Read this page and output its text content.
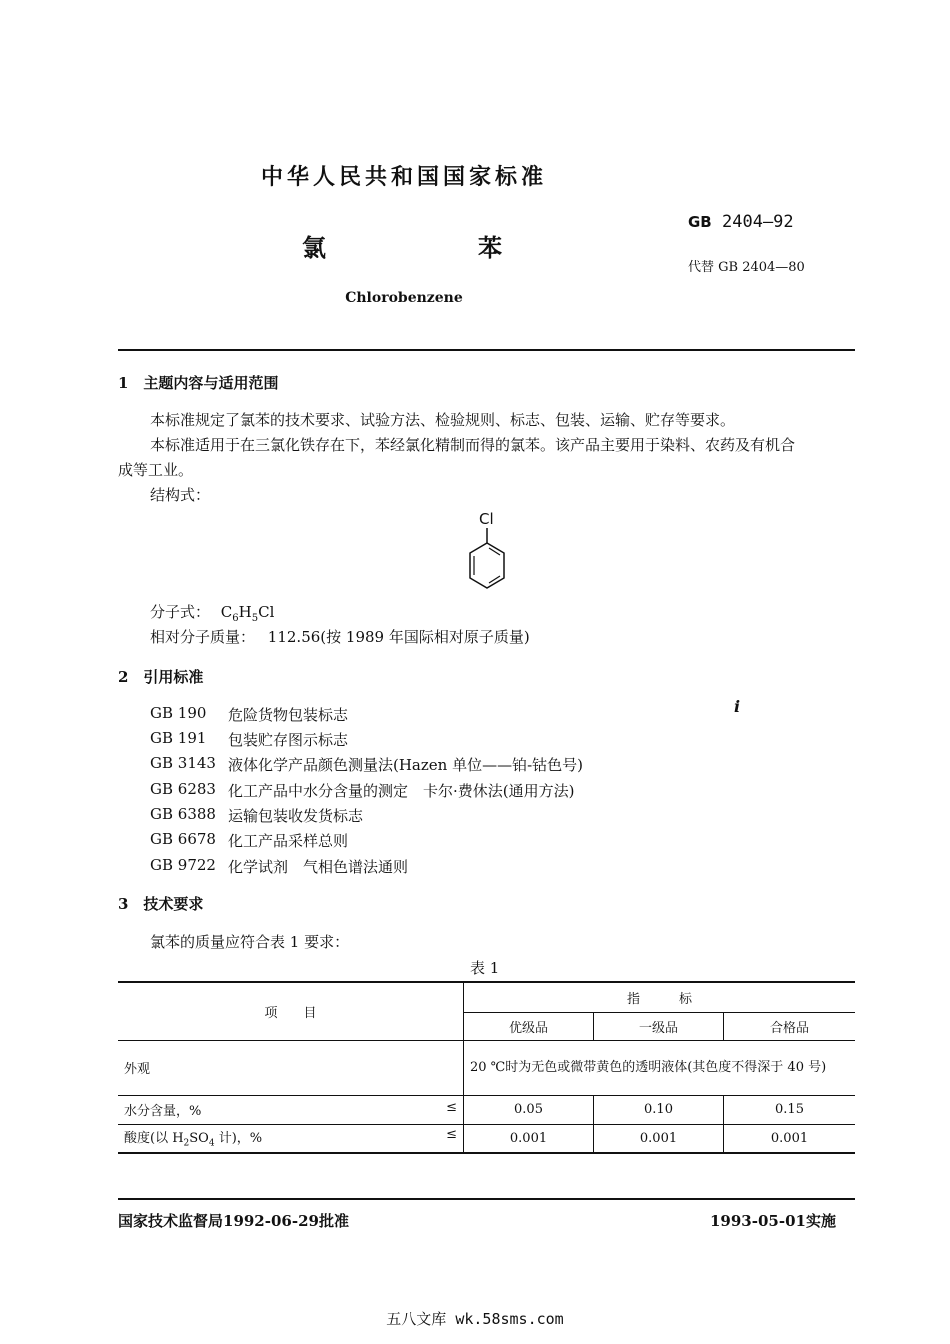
中华人民共和国国家标准
氯	苯
Chlorobenzene
GB 2404—92
代替 GB 2404—80
1　主题内容与适用范围
本标准规定了氯苯的技术要求、试验方法、检验规则、标志、包装、运输、贮存等要求。
本标准适用于在三氯化铁存在下，苯经氯化精制而得的氯苯。该产品主要用于染料、农药及有机合
成等工业。
结构式：
Cl
分子式： $C_6H_5Cl$
相对分子质量： 112.56(按 1989 年国际相对原子质量)
2　引用标准
GB 190 危险货物包装标志
GB 191 包装贮存图示标志
GB 3143 液体化学产品颜色测量法(Hazen 单位——铂-钴色号)
GB 6283 化工产品中水分含量的测定　卡尔·费休法(通用方法)
GB 6388 运输包装收发货标志
GB 6678 化工产品采样总则
GB 9722 化学试剂　气相色谱法通则
i
3　技术要求
氯苯的质量应符合表 1 要求：
表 1
项　　目	指　　　标		
	优级品	一级品	合格品
外观	20 ℃时为无色或微带黄色的透明液体(其色度不得深于 40 号)		
水分含量，% ≤	0.05	0.10	0.15
酸度(以 $H_2SO_4$ 计)，% ≤	0.001	0.001	0.001
国家技术监督局1992-06-29批准	1993-05-01实施
五八文库 wk.58sms.com
